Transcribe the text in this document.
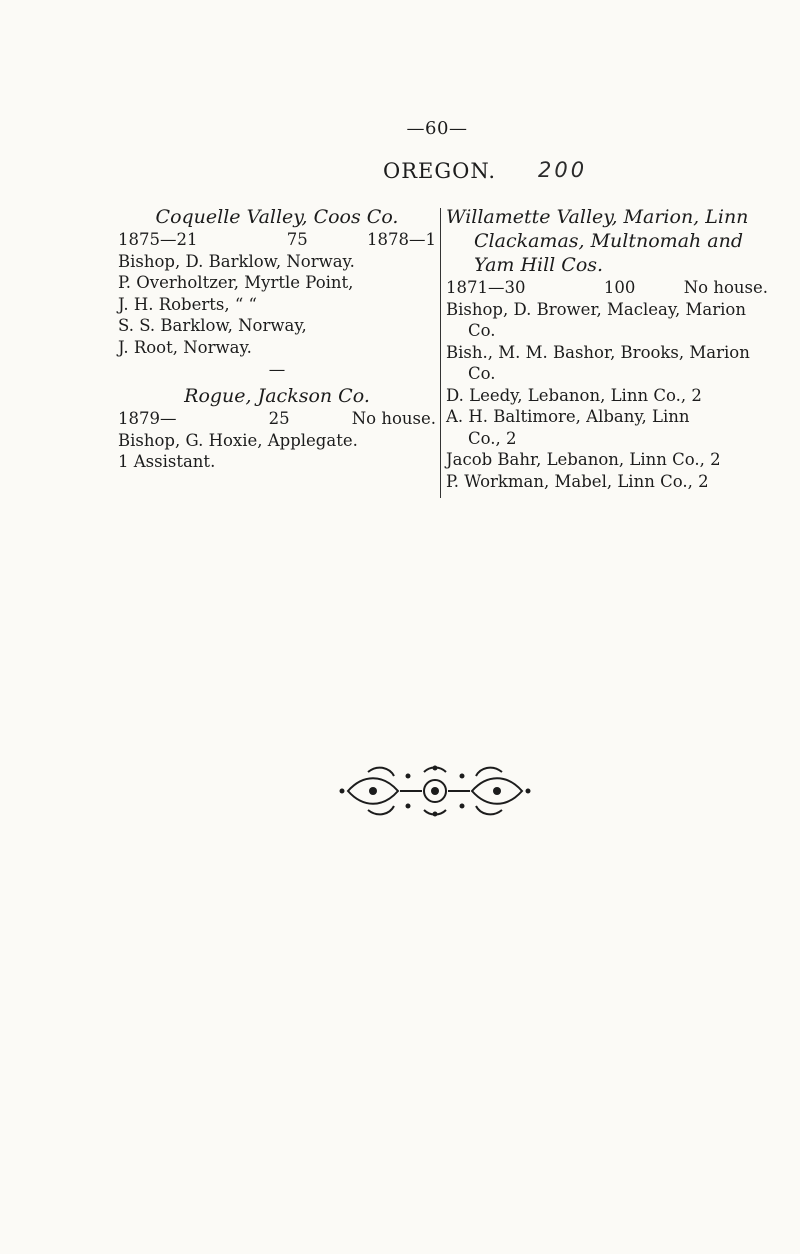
—60—
OREGON. 200
Coquelle Valley, Coos Co.
1875—21	75	1878—1
Bishop, D. Barklow, Norway.
P. Overholtzer, Myrtle Point,
J. H. Roberts, “ “
S. S. Barklow, Norway,
J. Root, Norway.
—
Rogue, Jackson Co.
1879—	25	No house.
Bishop, G. Hoxie, Applegate.
1 Assistant.
Willamette Valley, Marion, Linn
Clackamas, Multnomah and
Yam Hill Cos.
1871—30	100	No house.
Bishop, D. Brower, Macleay, Marion
Co.
Bish., M. M. Bashor, Brooks, Marion
Co.
D. Leedy, Lebanon, Linn Co., 2
A. H. Baltimore, Albany, Linn
Co., 2
Jacob Bahr, Lebanon, Linn Co., 2
P. Workman, Mabel, Linn Co., 2
